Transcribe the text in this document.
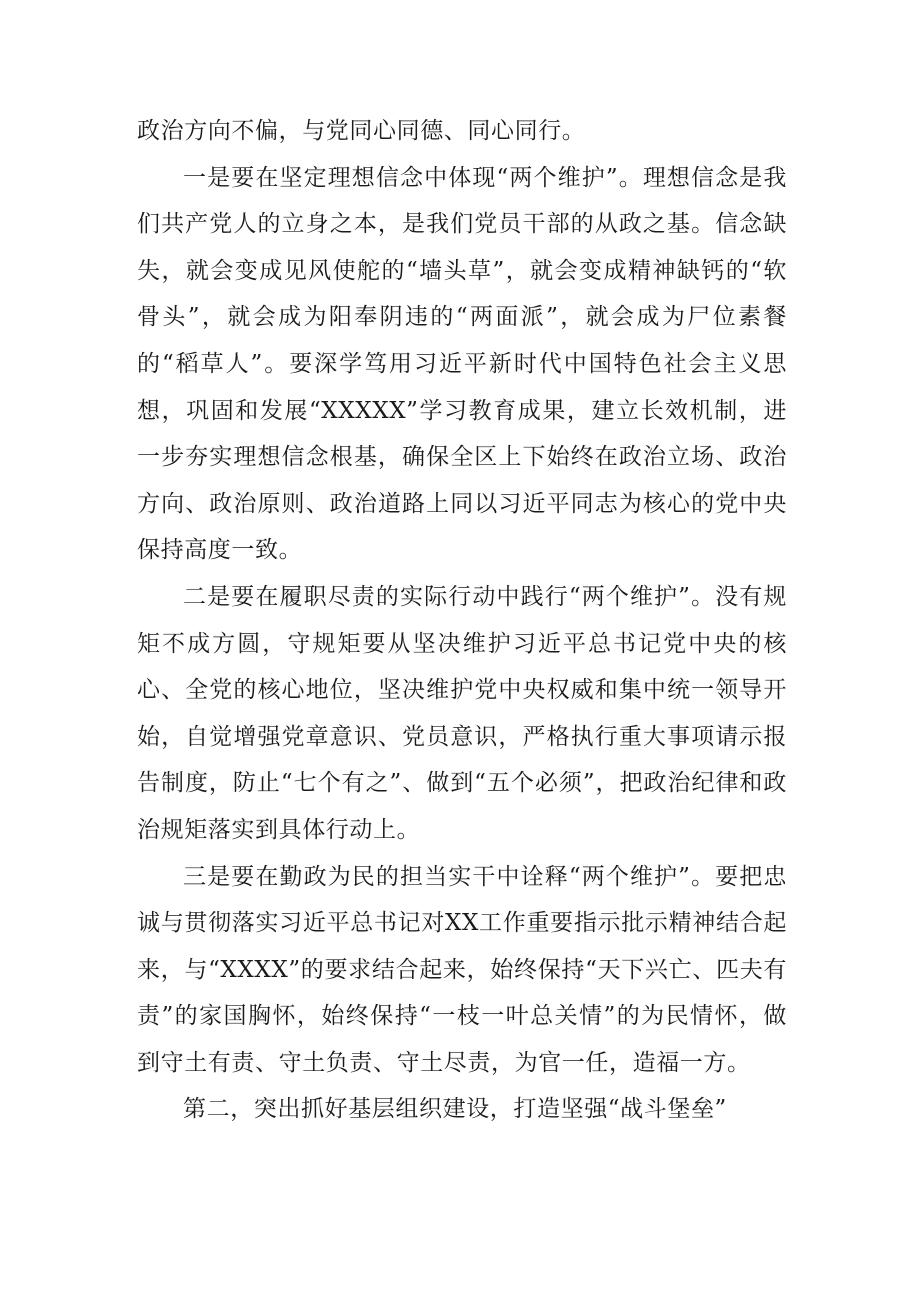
政治方向不偏，与党同心同德、同心同行。

一是要在坚定理想信念中体现“两个维护”。理想信念是我们共产党人的立身之本，是我们党员干部的从政之基。信念缺失，就会变成见风使舵的“墙头草”，就会变成精神缺钙的“软骨头”，就会成为阳奉阴违的“两面派”，就会成为尸位素餐的“稻草人”。要深学笃用习近平新时代中国特色社会主义思想，巩固和发展“XXXXX”学习教育成果，建立长效机制，进一步夯实理想信念根基，确保全区上下始终在政治立场、政治方向、政治原则、政治道路上同以习近平同志为核心的党中央保持高度一致。

二是要在履职尽责的实际行动中践行“两个维护”。没有规矩不成方圆，守规矩要从坚决维护习近平总书记党中央的核心、全党的核心地位，坚决维护党中央权威和集中统一领导开始，自觉增强党章意识、党员意识，严格执行重大事项请示报告制度，防止“七个有之”、做到“五个必须”，把政治纪律和政治规矩落实到具体行动上。

三是要在勤政为民的担当实干中诠释“两个维护”。要把忠诚与贯彻落实习近平总书记对XX工作重要指示批示精神结合起来，与“XXXX”的要求结合起来，始终保持“天下兴亡、匹夫有责”的家国胸怀，始终保持“一枝一叶总关情”的为民情怀，做到守土有责、守土负责、守土尽责，为官一任，造福一方。

第二，突出抓好基层组织建设，打造坚强“战斗堡垒”
